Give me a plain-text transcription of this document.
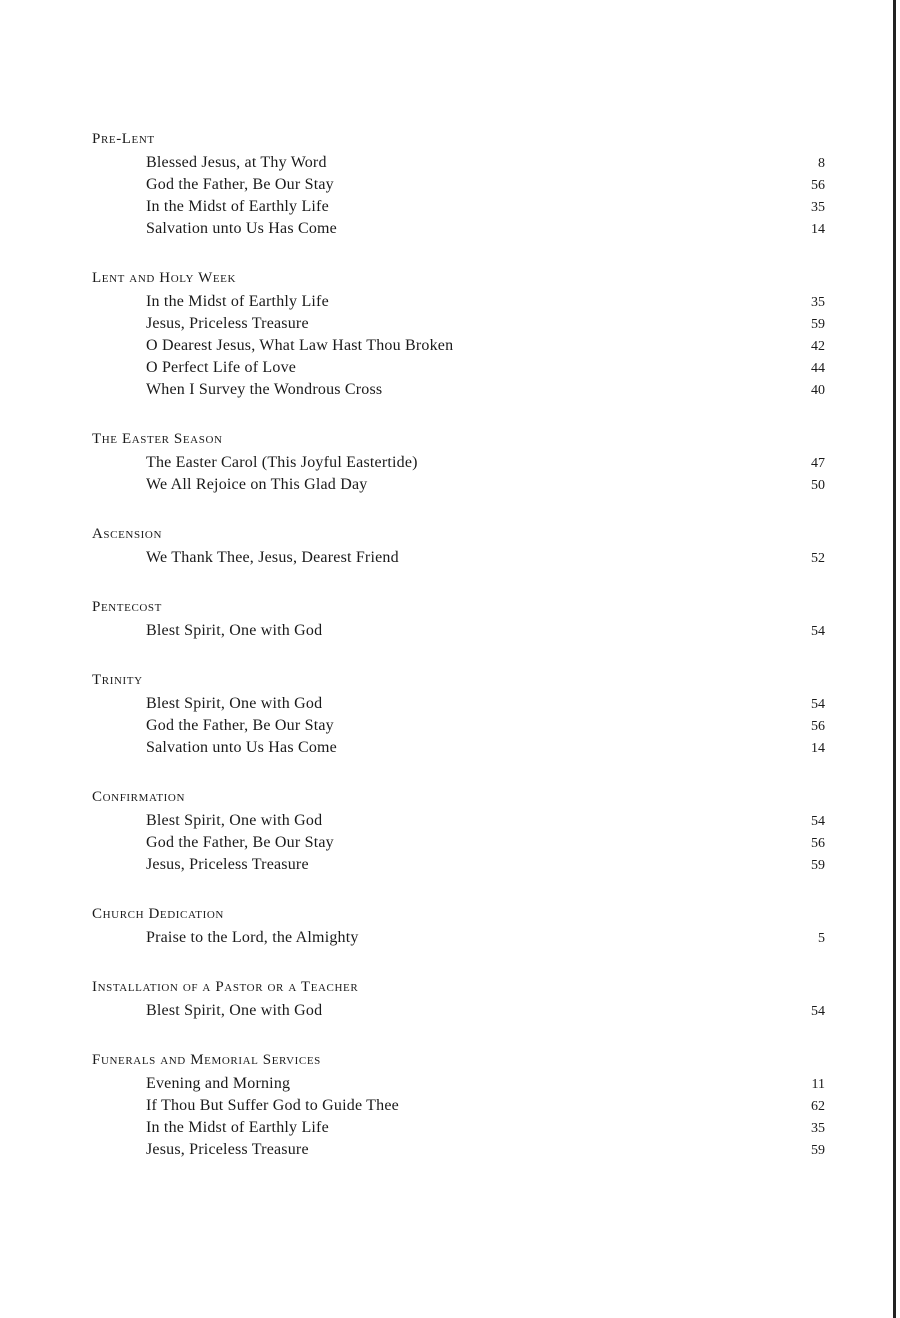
Pre-Lent
Blessed Jesus, at Thy Word	8
God the Father, Be Our Stay	56
In the Midst of Earthly Life	35
Salvation unto Us Has Come	14
Lent and Holy Week
In the Midst of Earthly Life	35
Jesus, Priceless Treasure	59
O Dearest Jesus, What Law Hast Thou Broken	42
O Perfect Life of Love	44
When I Survey the Wondrous Cross	40
The Easter Season
The Easter Carol (This Joyful Eastertide)	47
We All Rejoice on This Glad Day	50
Ascension
We Thank Thee, Jesus, Dearest Friend	52
Pentecost
Blest Spirit, One with God	54
Trinity
Blest Spirit, One with God	54
God the Father, Be Our Stay	56
Salvation unto Us Has Come	14
Confirmation
Blest Spirit, One with God	54
God the Father, Be Our Stay	56
Jesus, Priceless Treasure	59
Church Dedication
Praise to the Lord, the Almighty	5
Installation of a Pastor or a Teacher
Blest Spirit, One with God	54
Funerals and Memorial Services
Evening and Morning	11
If Thou But Suffer God to Guide Thee	62
In the Midst of Earthly Life	35
Jesus, Priceless Treasure	59
